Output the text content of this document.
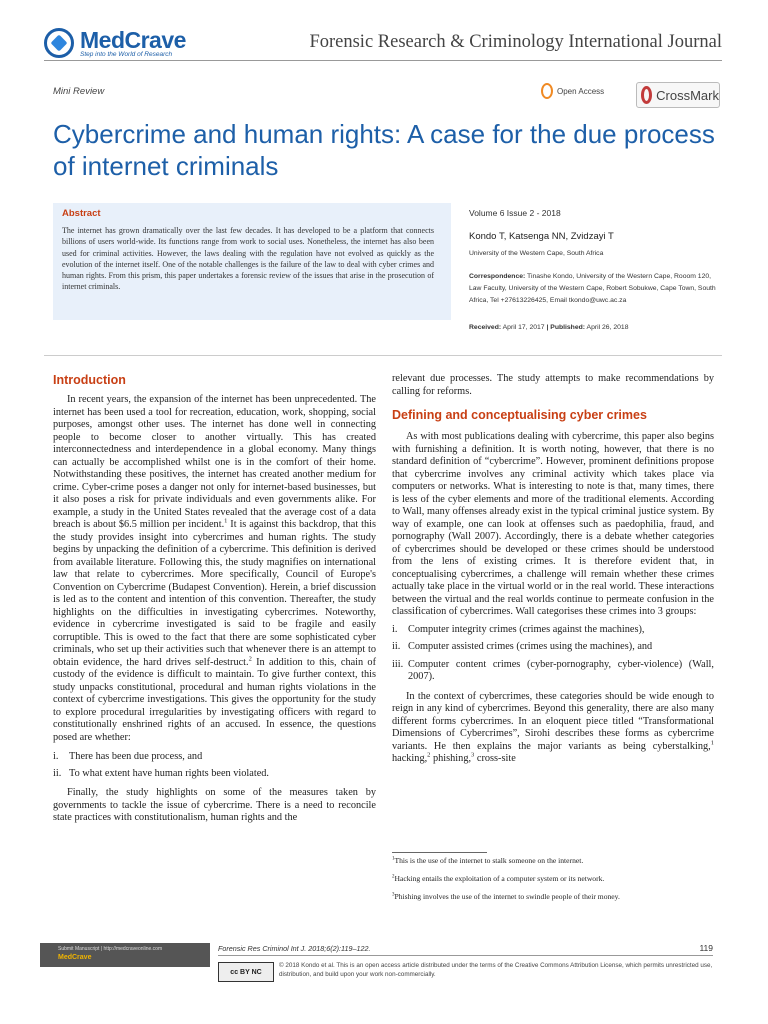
MedCrave
Step into the World of Research
Forensic Research & Criminology International Journal
Mini Review	Open Access	CrossMark
Cybercrime and human rights: A case for the due process of internet criminals
Abstract
The internet has grown dramatically over the last few decades. It has developed to be a platform that connects billions of users world-wide. Its functions range from work to social uses. Nonetheless, the internet has also been used for criminal activities. However, the laws dealing with the regulation have not evolved as quickly as the evolution of the internet itself. One of the notable challenges is the failure of the law to deal with cyber crimes and human rights. From this prism, this paper undertakes a forensic review of the issues that arise in the prosecution of internet criminals.
Volume 6 Issue 2 - 2018
Kondo T, Katsenga NN, Zvidzayi T
University of the Western Cape, South Africa
Correspondence: Tinashe Kondo, University of the Western Cape, Rooom 120, Law Faculty, University of the Western Cape, Robert Sobukwe, Cape Town, South Africa, Tel +27613226425, Email tkondo@uwc.ac.za
Received: April 17, 2017 | Published: April 26, 2018
Introduction

In recent years, the expansion of the internet has been unprecedented. The internet has been used a tool for recreation, education, work, shopping, social purposes, amongst other uses. The internet has done well in connecting people to become closer to another virtually. This has created interconnectedness and interdependence in a global economy. Many things can actually be accomplished whilst one is in the comfort of their home. Notwithstanding these positives, the internet has created another medium for crime. Cyber-crime poses a danger not only for internet-based businesses, but it also poses a risk for private individuals and even governments alike. For example, a study in the United States revealed that the average cost of a data breach is about $6.5 million per incident.$^1$ It is against this backdrop, that this the study provides insight into cybercrimes and human rights. The study begins by unpacking the definition of a cybercrime. This definition is derived from available literature. Following this, the study magnifies on international law that relate to cybercrimes. More specifically, Council of Europe's Convention on Cybercrime (Budapest Convention). Herein, a brief discussion is led as to the content and intention of this convention. Thereafter, the study highlights on the difficulties in investigating cybercrimes. Noteworthy, evidence in cybercrime investigated is said to be fragile and easily corruptible. This is owed to the fact that there are some sophisticated cyber criminals, who set up their activities such that whenever there is an attempt to obtain evidence, the hard drives self-destruct.$^2$ In addition to this, chain of custody of the evidence is difficult to maintain. To give further context, this study unpacks constitutional, procedural and human rights violations in the context of cybercrime investigations. This gives the opportunity for the study to explore procedural irregularities by investigating officers with regard to constitutionally enshrined rights of an accused. In essence, the questions posed are whether:

i. There has been due process, and
ii. To what extent have human rights been violated.

Finally, the study highlights on some of the measures taken by governments to tackle the issue of cybercrime. There is a need to reconcile state practices with constitutionalism, human rights and the

relevant due processes. The study attempts to make recommendations by calling for reforms.

Defining and conceptualising cyber crimes

As with most publications dealing with cybercrime, this paper also begins with furnishing a definition. It is worth noting, however, that there is no standard definition of “cybercrime”. However, prominent definitions propose that cybercrime involves any criminal activity which takes place via computers or networks. What is interesting to note is that, many times, there is less of the cyber elements and more of the traditional elements. According to Wall, many offenses already exist in the typical criminal justice system. By way of example, one can look at offenses such as paedophilia, fraud, and pornography (Wall 2007). Accordingly, there is a debate whether categories of cybercrimes should be developed or these crimes should be understood from the lens of existing crimes. It is therefore evident that, in conceptualising cybercrimes, a challenge will remain whether these crimes actually take place in the virtual world or in the real world. These interactions between the virtual and the real worlds continue to permeate confusion in the classification of cybercrimes. Wall categorises these crimes into 3 groups:

i. Computer integrity crimes (crimes against the machines),
ii. Computer assisted crimes (crimes using the machines), and
iii. Computer content crimes (cyber-pornography, cyber-violence) (Wall, 2007).

In the context of cybercrimes, these categories should be wide enough to reign in any kind of cybercrimes. Beyond this generality, there are also many different forms cybercrimes. In an eloquent piece titled “Transformational Dimensions of Cybercrimes”, Sirohi describes these forms as cybercrime variants. He then explains the major variants as being cyberstalking,$^1$ hacking,$^2$ phishing,$^3$ cross-site

$^1$This is the use of the internet to stalk someone on the internet.
$^2$Hacking entails the exploitation of a computer system or its network.
$^3$Phishing involves the use of the internet to swindle people of their money.
Submit Manuscript | http://medcraveonline.com
MedCrave
Forensic Res Criminol Int J. 2018;6(2):119‒122.	119
cc BY NC
© 2018 Kondo et al. This is an open access article distributed under the terms of the Creative Commons Attribution License, which permits unrestricted use, distribution, and build upon your work non-commercially.
